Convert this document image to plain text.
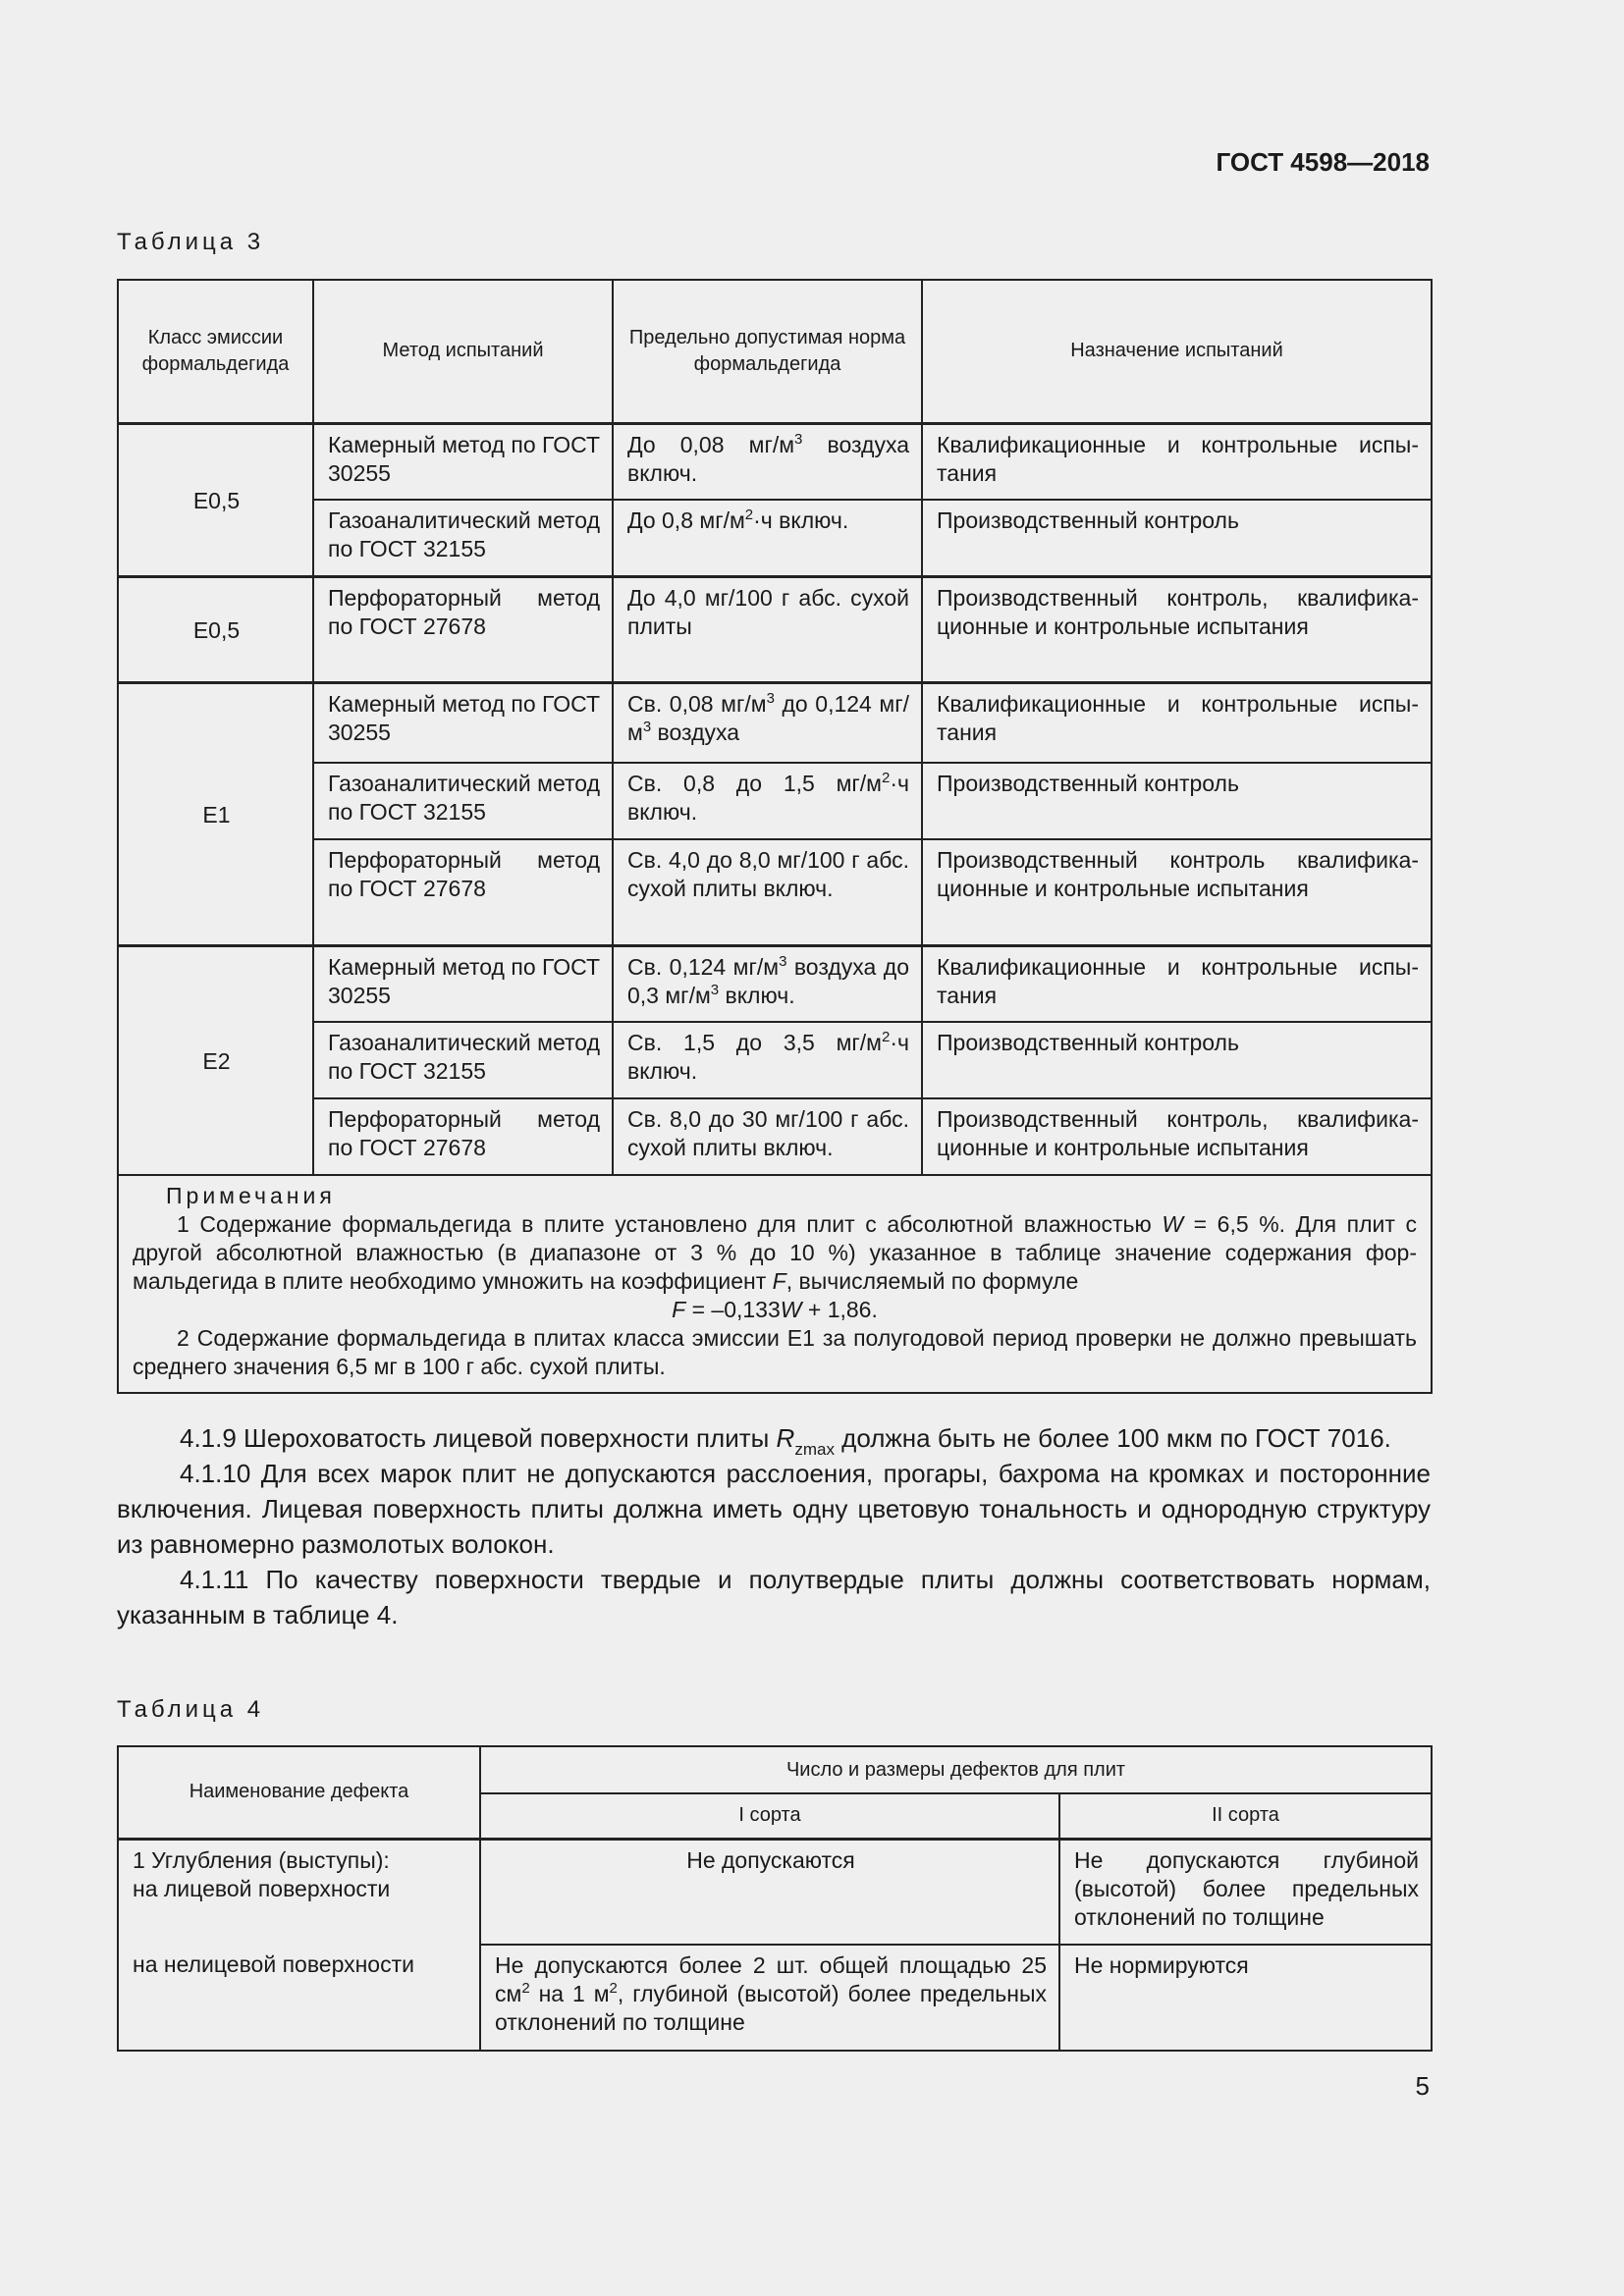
ГОСТ 4598—2018
Таблица 3
Класс эмиссии формальдегида	Метод испытаний	Предельно допустимая норма формальдегида	Назначение испытаний
Е0,5	Камерный метод по ГОСТ 30255	До 0,08 $мг/м^3$ воздуха включ.	Квалификационные и контрольные испытания
	Газоаналитический метод по ГОСТ 32155	До 0,8 $мг/м^2\cdot ч$ включ.	Производственный контроль
Е0,5	Перфораторный метод по ГОСТ 27678	До 4,0 мг/100 г абс. сухой плиты	Производственный контроль, квалификационные и контрольные испытания
Е1	Камерный метод по ГОСТ 30255	Св. 0,08 $мг/м^3$ до 0,124 $мг/м^3$ воздуха	Квалификационные и контрольные испытания
	Газоаналитический метод по ГОСТ 32155	Св. 0,8 до 1,5 $мг/м^2\cdot ч$ включ.	Производственный контроль
	Перфораторный метод по ГОСТ 27678	Св. 4,0 до 8,0 мг/100 г абс. сухой плиты включ.	Производственный контроль квалификационные и контрольные испытания
Е2	Камерный метод по ГОСТ 30255	Св. 0,124 $мг/м^3$ воздуха до 0,3 $мг/м^3$ включ.	Квалификационные и контрольные испытания
	Газоаналитический метод по ГОСТ 32155	Св. 1,5 до 3,5 $мг/м^2\cdot ч$ включ.	Производственный контроль
	Перфораторный метод по ГОСТ 27678	Св. 8,0 до 30 мг/100 г абс. сухой плиты включ.	Производственный контроль, квалификационные и контрольные испытания

Примечания
1 Содержание формальдегида в плите установлено для плит с абсолютной влажностью W = 6,5 %. Для плит с другой абсолютной влажностью (в диапазоне от 3 % до 10 %) указанное в таблице значение содержания формальдегида в плите необходимо умножить на коэффициент F, вычисляемый по формуле
F = –0,133W + 1,86.
2 Содержание формальдегида в плитах класса эмиссии Е1 за полугодовой период проверки не должно превышать среднего значения 6,5 мг в 100 г абс. сухой плиты.			

4.1.9 Шероховатость лицевой поверхности плиты $R_{zmax}$ должна быть не более 100 мкм по ГОСТ 7016.

4.1.10 Для всех марок плит не допускаются расслоения, прогары, бахрома на кромках и посторонние включения. Лицевая поверхность плиты должна иметь одну цветовую тональность и однородную структуру из равномерно размолотых волокон.

4.1.11 По качеству поверхности твердые и полутвердые плиты должны соответствовать нормам, указанным в таблице 4.

Таблица 4
Наименование дефекта	Число и размеры дефектов для плит	
	I сорта	II сорта

1 Углубления (выступы):
на лицевой поверхности	Не допускаются	Не допускаются глубиной (высотой) более предельных отклонений по толщине
на нелицевой поверхности	Не допускаются более 2 шт. общей площадью 25 $см^2$ на 1 $м^2$, глубиной (высотой) более предельных отклонений по толщине	Не нормируются
5
